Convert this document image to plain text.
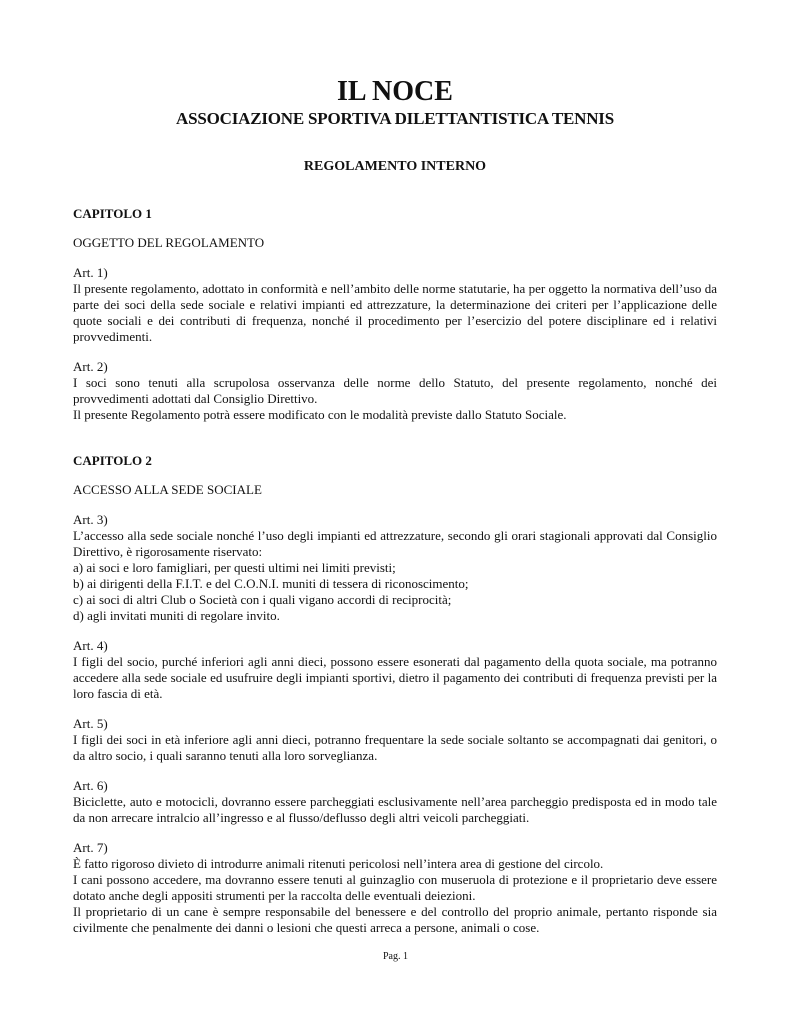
IL NOCE
ASSOCIAZIONE SPORTIVA DILETTANTISTICA TENNIS
REGOLAMENTO INTERNO
CAPITOLO 1
OGGETTO DEL REGOLAMENTO
Art. 1)

Il presente regolamento, adottato in conformità e nell’ambito delle norme statutarie, ha per oggetto la normativa dell’uso da parte dei soci della sede sociale e relativi impianti ed attrezzature, la determinazione dei criteri per l’applicazione delle quote sociali e dei contributi di frequenza, nonché il procedimento per l’esercizio del potere disciplinare ed i relativi provvedimenti.

Art. 2)

I soci sono tenuti alla scrupolosa osservanza delle norme dello Statuto, del presente regolamento, nonché dei provvedimenti adottati dal Consiglio Direttivo.

Il presente Regolamento potrà essere modificato con le modalità previste dallo Statuto Sociale.

CAPITOLO 2
ACCESSO ALLA SEDE SOCIALE
Art. 3)

L’accesso alla sede sociale nonché l’uso degli impianti ed attrezzature, secondo gli orari stagionali approvati dal Consiglio Direttivo, è rigorosamente riservato:

a) ai soci e loro famigliari, per questi ultimi nei limiti previsti;
b) ai dirigenti della F.I.T. e del C.O.N.I. muniti di tessera di riconoscimento;
c) ai soci di altri Club o Società con i quali vigano accordi di reciprocità;
d) agli invitati muniti di regolare invito.
Art. 4)

I figli del socio, purché inferiori agli anni dieci, possono essere esonerati dal pagamento della quota sociale, ma potranno accedere alla sede sociale ed usufruire degli impianti sportivi, dietro il pagamento dei contributi di frequenza previsti per la loro fascia di età.

Art. 5)

I figli dei soci in età inferiore agli anni dieci, potranno frequentare la sede sociale soltanto se accompagnati dai genitori, o da altro socio, i quali saranno tenuti alla loro sorveglianza.

Art. 6)

Biciclette, auto e motocicli, dovranno essere parcheggiati esclusivamente nell’area parcheggio predisposta ed in modo tale da non arrecare intralcio all’ingresso e al flusso/deflusso degli altri veicoli parcheggiati.

Art. 7)

È fatto rigoroso divieto di introdurre animali ritenuti pericolosi nell’intera area di gestione del circolo.

I cani possono accedere, ma dovranno essere tenuti al guinzaglio con museruola di protezione e il proprietario deve essere dotato anche degli appositi strumenti per la raccolta delle eventuali deiezioni.

Il proprietario di un cane è sempre responsabile del benessere e del controllo del proprio animale, pertanto risponde sia civilmente che penalmente dei danni o lesioni che questi arreca a persone, animali o cose.

Pag. 1
